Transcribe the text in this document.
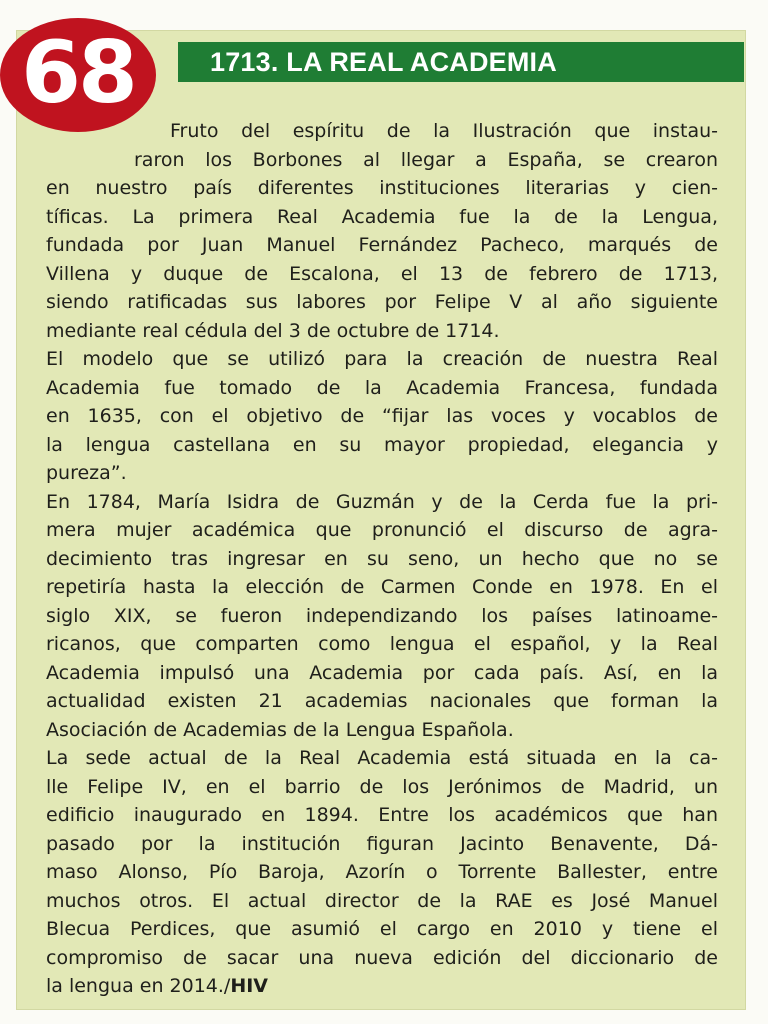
1713. LA REAL ACADEMIA
68
Fruto del espíritu de la Ilustración que instau-
raron los Borbones al llegar a España, se crearon
en nuestro país diferentes instituciones literarias y cien-
tíficas. La primera Real Academia fue la de la Lengua,
fundada por Juan Manuel Fernández Pacheco, marqués de
Villena y duque de Escalona, el 13 de febrero de 1713,
siendo ratificadas sus labores por Felipe V al año siguiente
mediante real cédula del 3 de octubre de 1714.
El modelo que se utilizó para la creación de nuestra Real
Academia fue tomado de la Academia Francesa, fundada
en 1635, con el objetivo de “fijar las voces y vocablos de
la lengua castellana en su mayor propiedad, elegancia y
pureza”.
En 1784, María Isidra de Guzmán y de la Cerda fue la pri-
mera mujer académica que pronunció el discurso de agra-
decimiento tras ingresar en su seno, un hecho que no se
repetiría hasta la elección de Carmen Conde en 1978. En el
siglo XIX, se fueron independizando los países latinoame-
ricanos, que comparten como lengua el español, y la Real
Academia impulsó una Academia por cada país. Así, en la
actualidad existen 21 academias nacionales que forman la
Asociación de Academias de la Lengua Española.
La sede actual de la Real Academia está situada en la ca-
lle Felipe IV, en el barrio de los Jerónimos de Madrid, un
edificio inaugurado en 1894. Entre los académicos que han
pasado por la institución figuran Jacinto Benavente, Dá-
maso Alonso, Pío Baroja, Azorín o Torrente Ballester, entre
muchos otros. El actual director de la RAE es José Manuel
Blecua Perdices, que asumió el cargo en 2010 y tiene el
compromiso de sacar una nueva edición del diccionario de
la lengua en 2014./HIV
